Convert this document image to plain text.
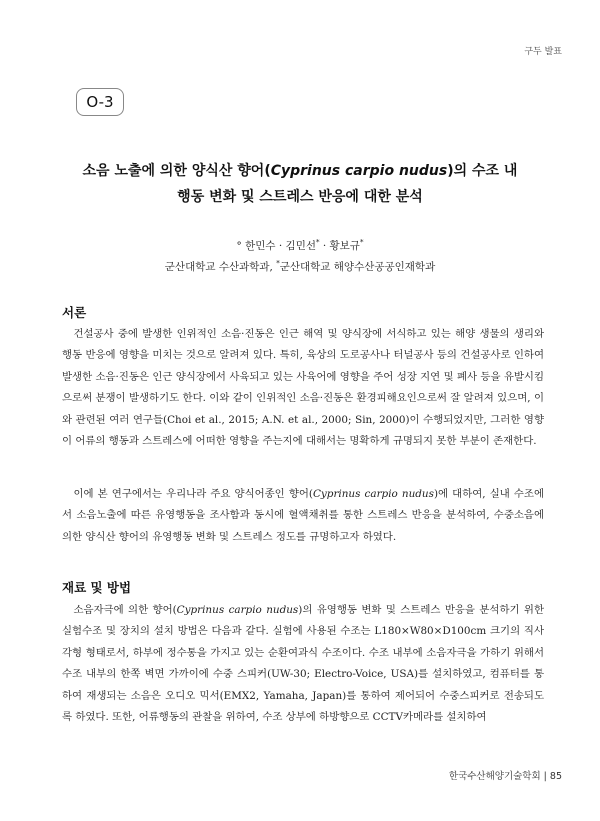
구두 발표
O-3
소음 노출에 의한 양식산 향어(Cyprinus carpio nudus)의 수조 내
행동 변화 및 스트레스 반응에 대한 분석
° 한민수 · 김민선* · 황보규*
군산대학교 수산과학과, *군산대학교 해양수산공공인재학과
서론

건설공사 중에 발생한 인위적인 소음·진동은 인근 해역 및 양식장에 서식하고 있는 해양 생물의 생리와 행동 반응에 영향을 미치는 것으로 알려져 있다. 특히, 육상의 도로공사나 터널공사 등의 건설공사로 인하여 발생한 소음·진동은 인근 양식장에서 사육되고 있는 사육어에 영향을 주어 성장 지연 및 폐사 등을 유발시킴으로써 분쟁이 발생하기도 한다. 이와 같이 인위적인 소음·진동은 환경피해요인으로써 잘 알려져 있으며, 이와 관련된 여러 연구들(Choi et al., 2015; A.N. et al., 2000; Sin, 2000)이 수행되었지만, 그러한 영향이 어류의 행동과 스트레스에 어떠한 영향을 주는지에 대해서는 명확하게 규명되지 못한 부분이 존재한다.

이에 본 연구에서는 우리나라 주요 양식어종인 향어(Cyprinus carpio nudus)에 대하여, 실내 수조에서 소음노출에 따른 유영행동을 조사함과 동시에 혈액채취를 통한 스트레스 반응을 분석하여, 수중소음에 의한 양식산 향어의 유영행동 변화 및 스트레스 정도를 규명하고자 하였다.

재료 및 방법

소음자극에 의한 향어(Cyprinus carpio nudus)의 유영행동 변화 및 스트레스 반응을 분석하기 위한 실험수조 및 장치의 설치 방법은 다음과 같다. 실험에 사용된 수조는 L180×W80×D100cm 크기의 직사각형 형태로서, 하부에 정수통을 가지고 있는 순환여과식 수조이다. 수조 내부에 소음자극을 가하기 위해서 수조 내부의 한쪽 벽면 가까이에 수중 스피커(UW-30; Electro-Voice, USA)를 설치하였고, 컴퓨터를 통하여 재생되는 소음은 오디오 믹서(EMX2, Yamaha, Japan)를 통하여 제어되어 수중스피커로 전송되도록 하였다. 또한, 어류행동의 관찰을 위하여, 수조 상부에 하방향으로 CCTV카메라를 설치하여

한국수산해양기술학회 | 85
